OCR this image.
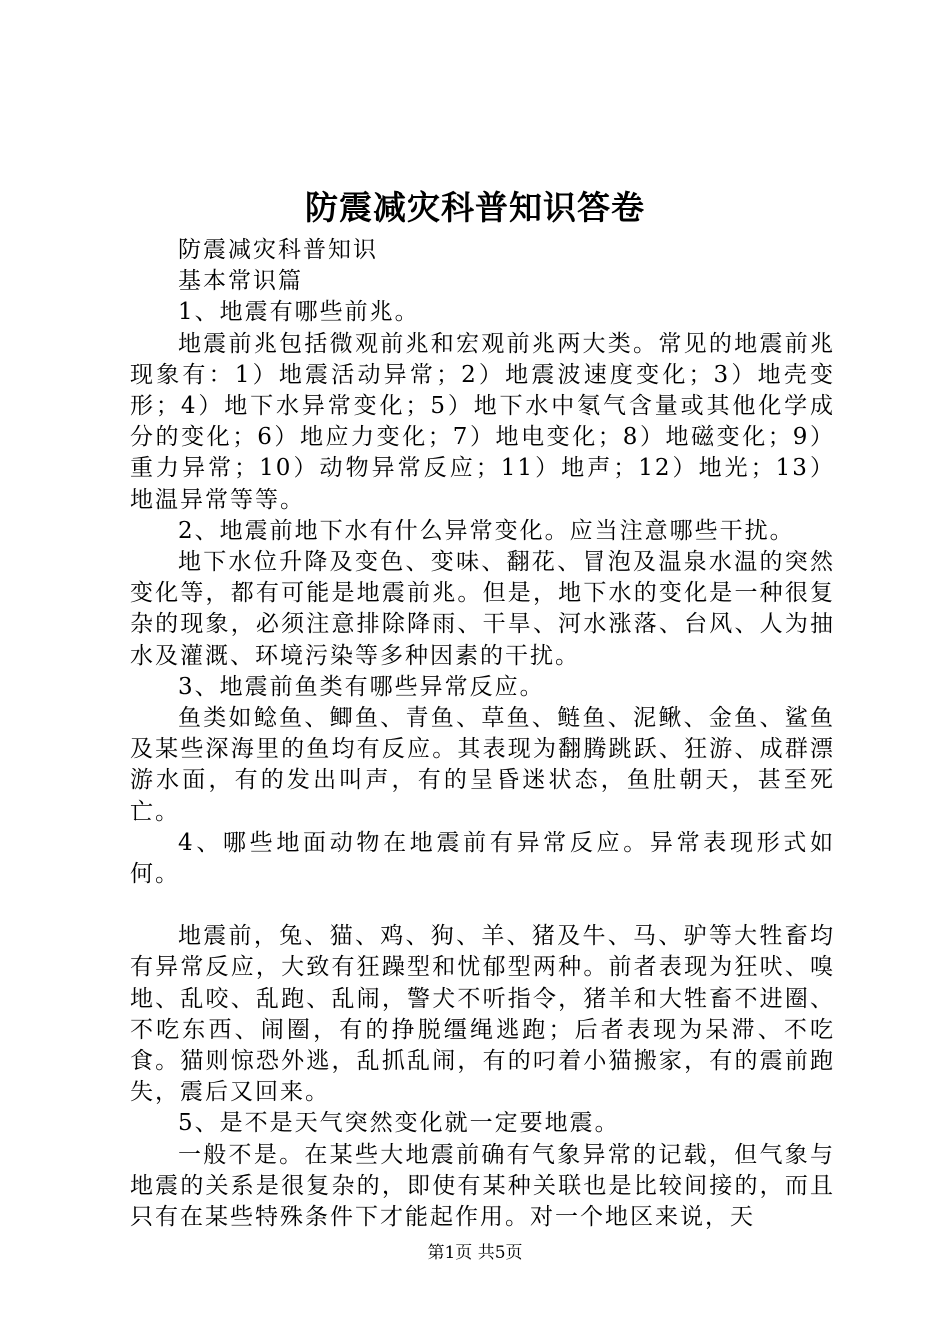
防震减灾科普知识答卷

防震减灾科普知识

基本常识篇

1、地震有哪些前兆。

地震前兆包括微观前兆和宏观前兆两大类。常见的地震前兆现象有：1）地震活动异常；2）地震波速度变化；3）地壳变形；4）地下水异常变化；5）地下水中氡气含量或其他化学成分的变化；6）地应力变化；7）地电变化；8）地磁变化；9）重力异常；10）动物异常反应；11）地声；12）地光；13）地温异常等等。

2、地震前地下水有什么异常变化。应当注意哪些干扰。

地下水位升降及变色、变味、翻花、冒泡及温泉水温的突然变化等，都有可能是地震前兆。但是，地下水的变化是一种很复杂的现象，必须注意排除降雨、干旱、河水涨落、台风、人为抽水及灌溉、环境污染等多种因素的干扰。

3、地震前鱼类有哪些异常反应。

鱼类如鲶鱼、鲫鱼、青鱼、草鱼、鲢鱼、泥鳅、金鱼、鲨鱼及某些深海里的鱼均有反应。其表现为翻腾跳跃、狂游、成群漂游水面，有的发出叫声，有的呈昏迷状态，鱼肚朝天，甚至死亡。

4、哪些地面动物在地震前有异常反应。异常表现形式如何。

地震前，兔、猫、鸡、狗、羊、猪及牛、马、驴等大牲畜均有异常反应，大致有狂躁型和忧郁型两种。前者表现为狂吠、嗅地、乱咬、乱跑、乱闹，警犬不听指令，猪羊和大牲畜不进圈、不吃东西、闹圈，有的挣脱缰绳逃跑；后者表现为呆滞、不吃食。猫则惊恐外逃，乱抓乱闹，有的叼着小猫搬家，有的震前跑失，震后又回来。

5、是不是天气突然变化就一定要地震。

一般不是。在某些大地震前确有气象异常的记载，但气象与地震的关系是很复杂的，即使有某种关联也是比较间接的，而且只有在某些特殊条件下才能起作用。对一个地区来说，天

第1页 共5页
